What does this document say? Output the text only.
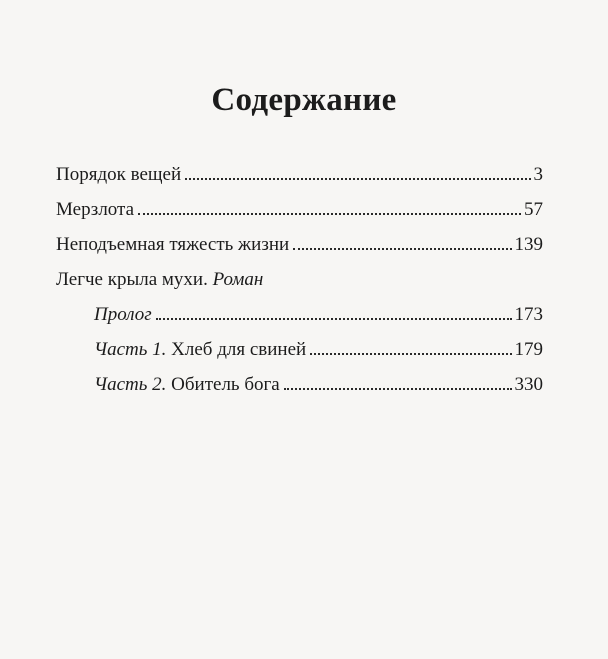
Содержание
Порядок вещей	3
Мерзлота	57
Неподъемная тяжесть жизни	139
Легче крыла мухи. Роман
Пролог	173
Часть 1. Хлеб для свиней	179
Часть 2. Обитель бога	330
